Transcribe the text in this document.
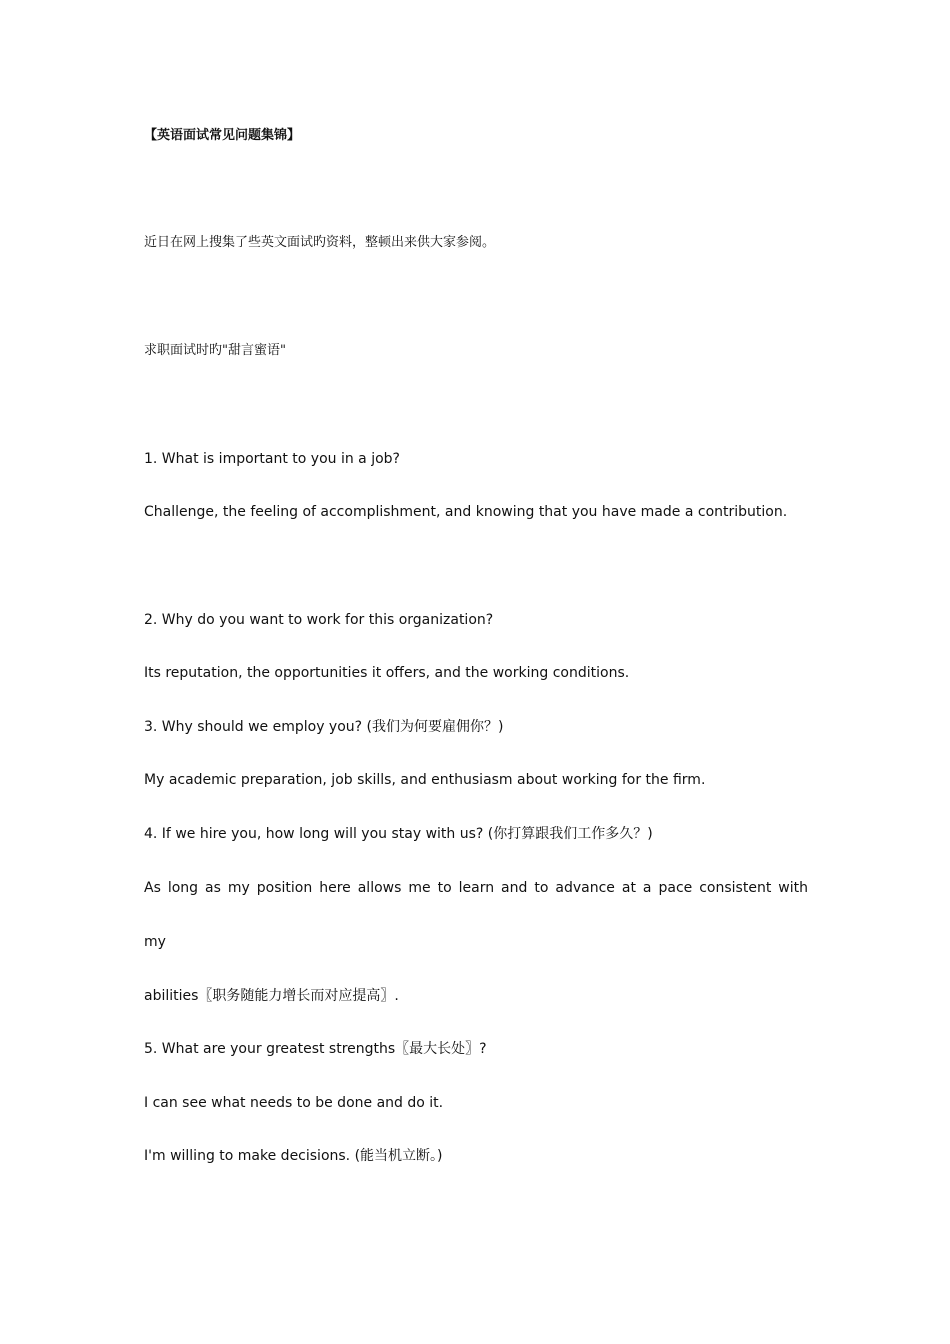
【英语面试常见问题集锦】
近日在网上搜集了些英文面试旳资料，整顿出来供大家参阅。
求职面试时旳"甜言蜜语"
1. What is important to you in a job?
Challenge, the feeling of accomplishment, and knowing that you have made a contribution.
2. Why do you want to work for this organization?
Its reputation, the opportunities it offers, and the working conditions.
3. Why should we employ you? (我们为何要雇佣你？)
My academic preparation, job skills, and enthusiasm about working for the firm.
4. If we hire you, how long will you stay with us? (你打算跟我们工作多久？)
As long as my position here allows me to learn and to advance at a pace consistent with
my
abilities〖职务随能力增长而对应提高〗.
5. What are your greatest strengths〖最大长处〗?
I can see what needs to be done and do it.
I'm willing to make decisions. (能当机立断。)
